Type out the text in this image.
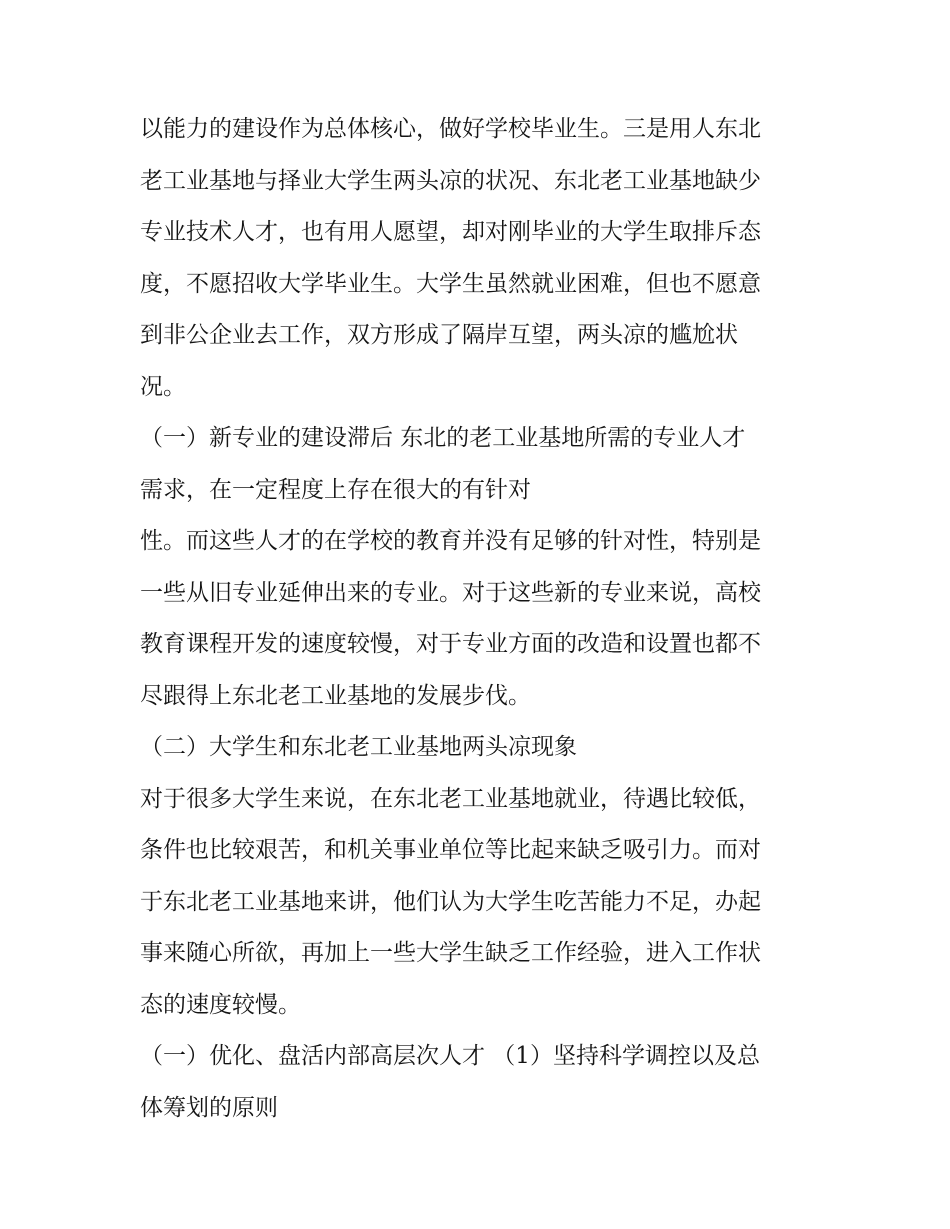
以能力的建设作为总体核心，做好学校毕业生。三是用人东北
老工业基地与择业大学生两头凉的状况、东北老工业基地缺少
专业技术人才，也有用人愿望，却对刚毕业的大学生取排斥态
度，不愿招收大学毕业生。大学生虽然就业困难，但也不愿意
到非公企业去工作，双方形成了隔岸互望，两头凉的尴尬状
况。
（一）新专业的建设滞后 东北的老工业基地所需的专业人才
需求，在一定程度上存在很大的有针对
性。而这些人才的在学校的教育并没有足够的针对性，特别是
一些从旧专业延伸出来的专业。对于这些新的专业来说，高校
教育课程开发的速度较慢，对于专业方面的改造和设置也都不
尽跟得上东北老工业基地的发展步伐。
（二）大学生和东北老工业基地两头凉现象
对于很多大学生来说，在东北老工业基地就业，待遇比较低，
条件也比较艰苦，和机关事业单位等比起来缺乏吸引力。而对
于东北老工业基地来讲，他们认为大学生吃苦能力不足，办起
事来随心所欲，再加上一些大学生缺乏工作经验，进入工作状
态的速度较慢。
（一）优化、盘活内部高层次人才 （1）坚持科学调控以及总
体筹划的原则
